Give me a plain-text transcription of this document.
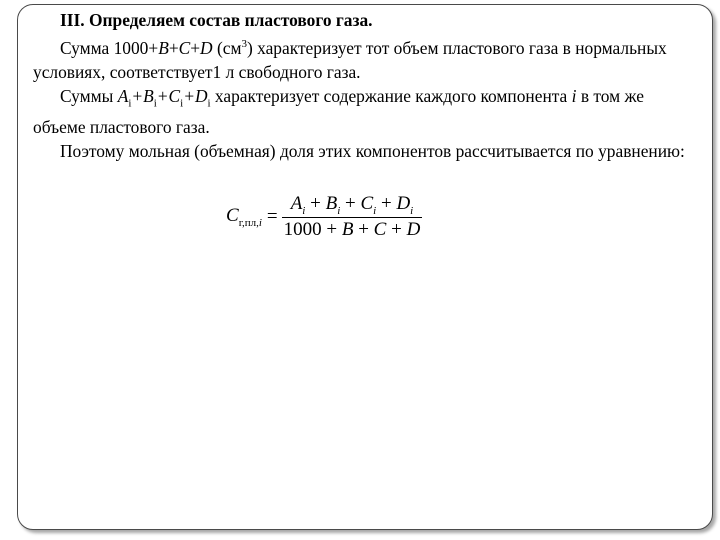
III. Определяем состав пластового газа.

Сумма 1000+B+C+D $(см^3)$ характеризует тот объем пластового газа в нормальных условиях, соответствует1 л свободного газа.

Суммы $A_i+B_i+C_i+D_i$ характеризует содержание каждого компонента i в том же объеме пластового газа.

Поэтому мольная (объемная) доля этих компонентов рассчитывается по уравнению:

$C_{г,пл,i} = \frac{A_i + B_i + C_i + D_i}{1000 + B + C + D}$
